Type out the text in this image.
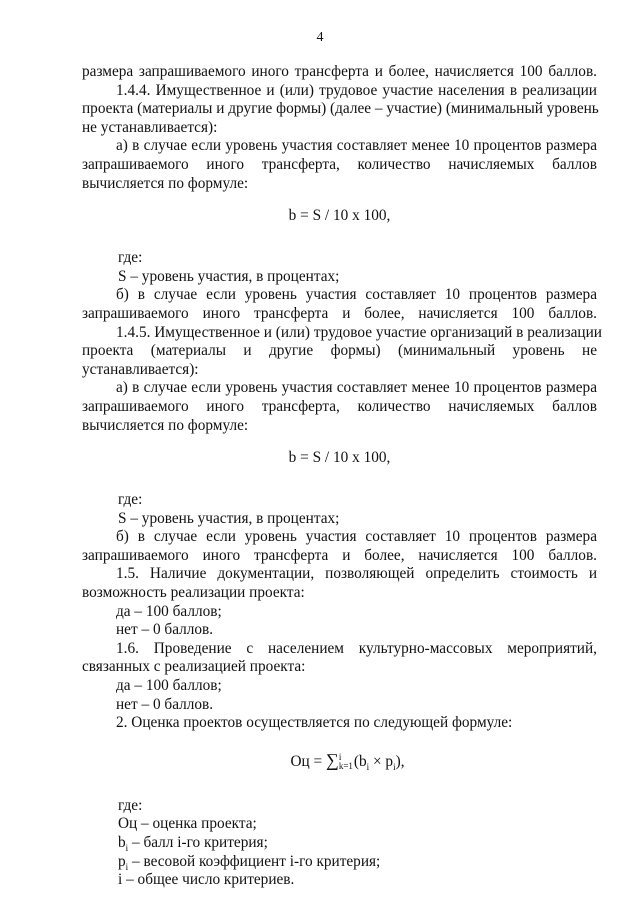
4
размера запрашиваемого иного трансферта и более, начисляется 100 баллов.
1.4.4. Имущественное и (или) трудовое участие населения в реализации
проекта (материалы и другие формы) (далее – участие) (минимальный уровень
не устанавливается):
а) в случае если уровень участия составляет менее 10 процентов размера
запрашиваемого иного трансферта, количество начисляемых баллов
вычисляется по формуле:
b = S / 10 x 100,
где:
S – уровень участия, в процентах;
б) в случае если уровень участия составляет 10 процентов размера
запрашиваемого иного трансферта и более, начисляется 100 баллов.
1.4.5. Имущественное и (или) трудовое участие организаций в реализации
проекта (материалы и другие формы) (минимальный уровень не
устанавливается):
а) в случае если уровень участия составляет менее 10 процентов размера
запрашиваемого иного трансферта, количество начисляемых баллов
вычисляется по формуле:
b = S / 10 x 100,
где:
S – уровень участия, в процентах;
б) в случае если уровень участия составляет 10 процентов размера
запрашиваемого иного трансферта и более, начисляется 100 баллов.
1.5. Наличие документации, позволяющей определить стоимость и
возможность реализации проекта:
да – 100 баллов;
нет – 0 баллов.
1.6. Проведение с населением культурно-массовых мероприятий,
связанных с реализацией проекта:
да – 100 баллов;
нет – 0 баллов.
2. Оценка проектов осуществляется по следующей формуле:
Оц = ∑i
$k=1(b_i \times p_i)$,
где:
Оц – оценка проекта;
$b_i$ – балл i-го критерия;
$p_i$ – весовой коэффициент i-го критерия;
i – общее число критериев.
